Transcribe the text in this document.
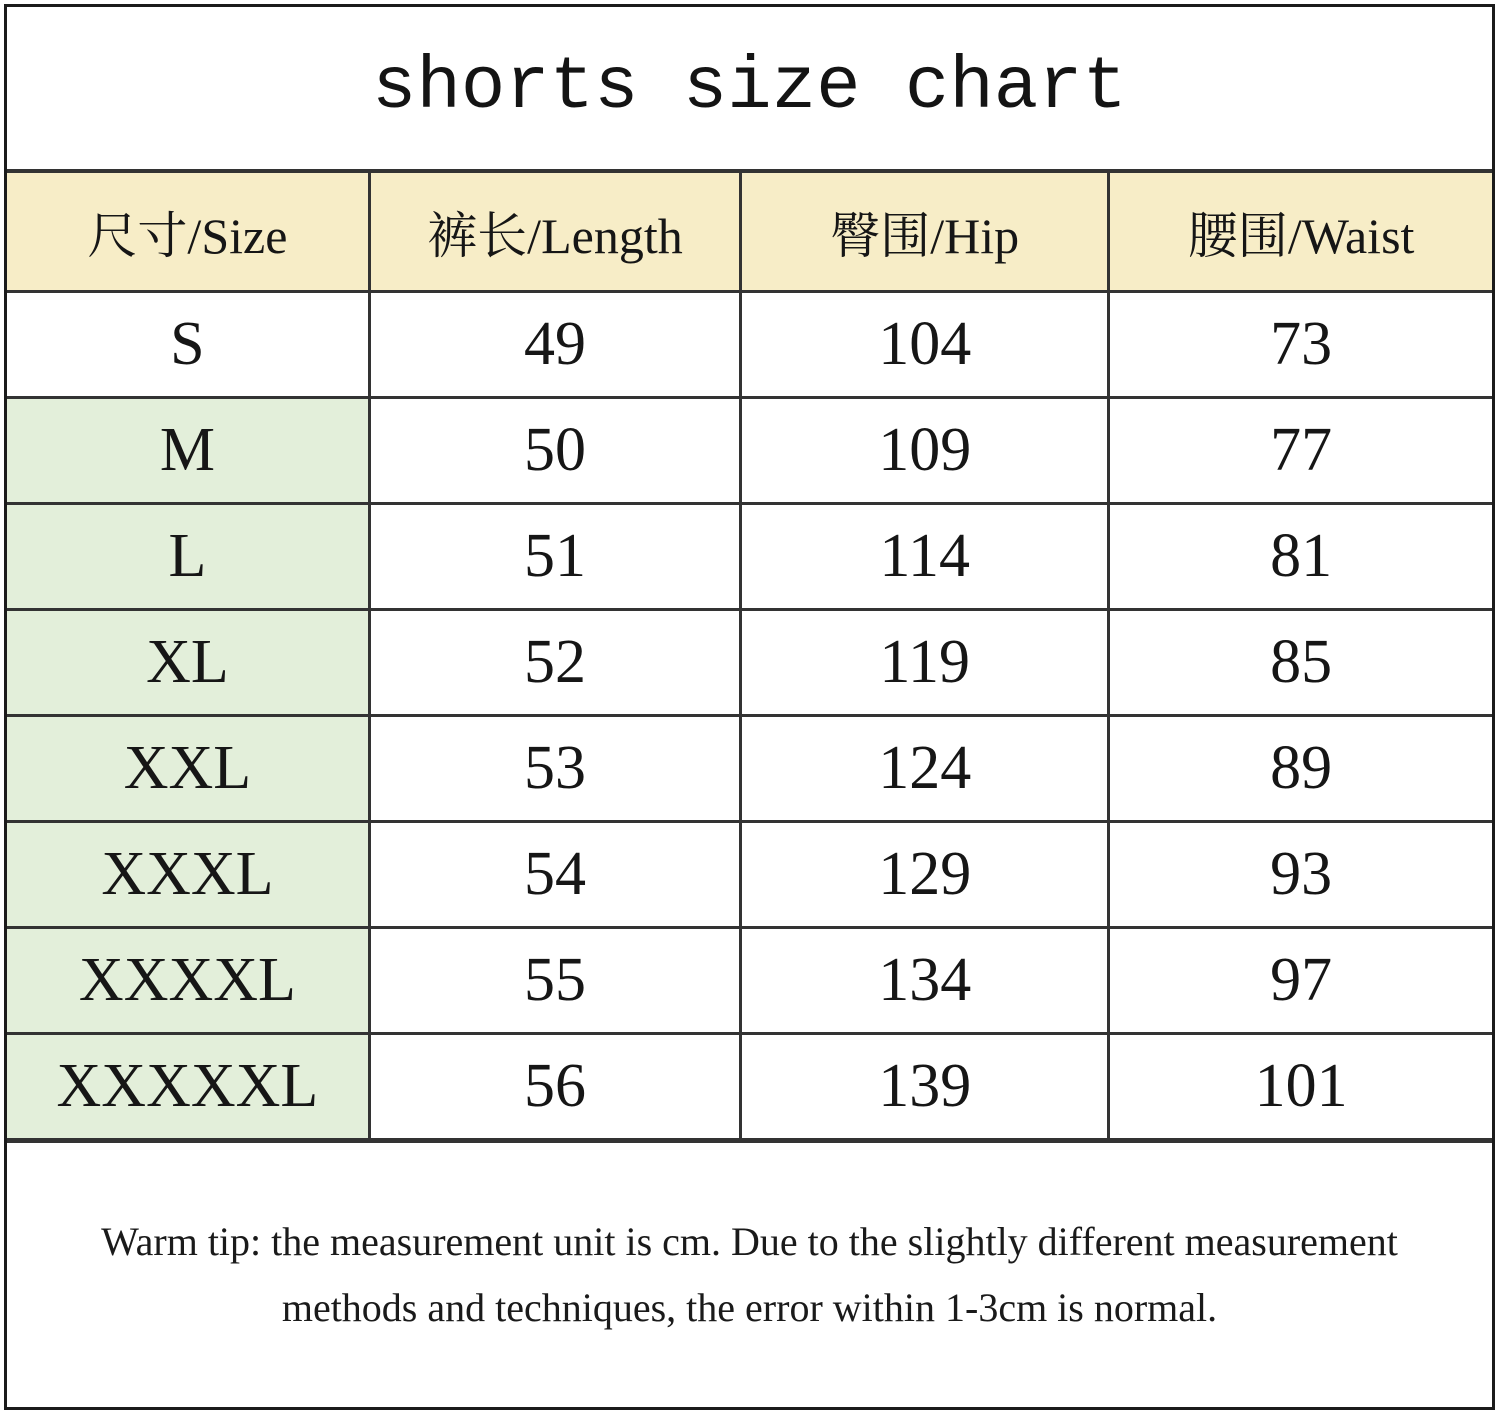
shorts size chart
尺寸/Size	裤长/Length	臀围/Hip	腰围/Waist
S	49	104	73
M	50	109	77
L	51	114	81
XL	52	119	85
XXL	53	124	89
XXXL	54	129	93
XXXXL	55	134	97
XXXXXL	56	139	101
Warm tip: the measurement unit is cm. Due to the slightly different measurement
methods and techniques, the error within 1-3cm is normal.
